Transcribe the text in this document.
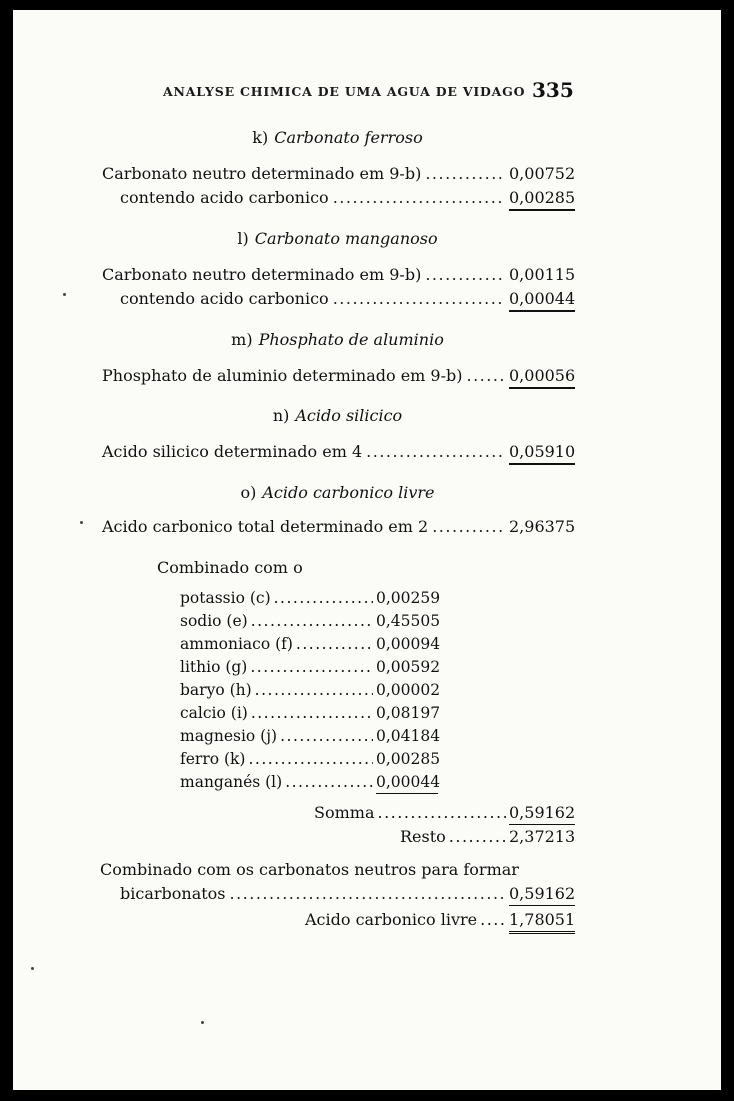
ANALYSE CHIMICA DE UMA AGUA DE VIDAGO 335
k) Carbonato ferroso
Carbonato neutro determinado em 9-b) .....	0,00752
contendo acido carbonico .....	0,00285
l) Carbonato manganoso
Carbonato neutro determinado em 9-b) .....	0,00115
contendo acido carbonico .....	0,00044
m) Phosphato de aluminio
Phosphato de aluminio determinado em 9-b) .....	0,00056
n) Acido silicico
Acido silicico determinado em 4 .....	0,05910
o) Acido carbonico livre
Acido carbonico total determinado em 2 .....	2,96375
Combinado com o
potassio (c) .....	0,00259
sodio (e) .....	0,45505
ammoniaco (f) .....	0,00094
lithio (g) .....	0,00592
baryo (h) .....	0,00002
calcio (i) .....	0,08197
magnesio (j) .....	0,04184
ferro (k) .....	0,00285
manganés (l) .....	0,00044
Somma .....	0,59162
Resto .....	2,37213
Combinado com os carbonatos neutros para formar
bicarbonatos .....	0,59162
Acido carbonico livre ..... 1,78051
